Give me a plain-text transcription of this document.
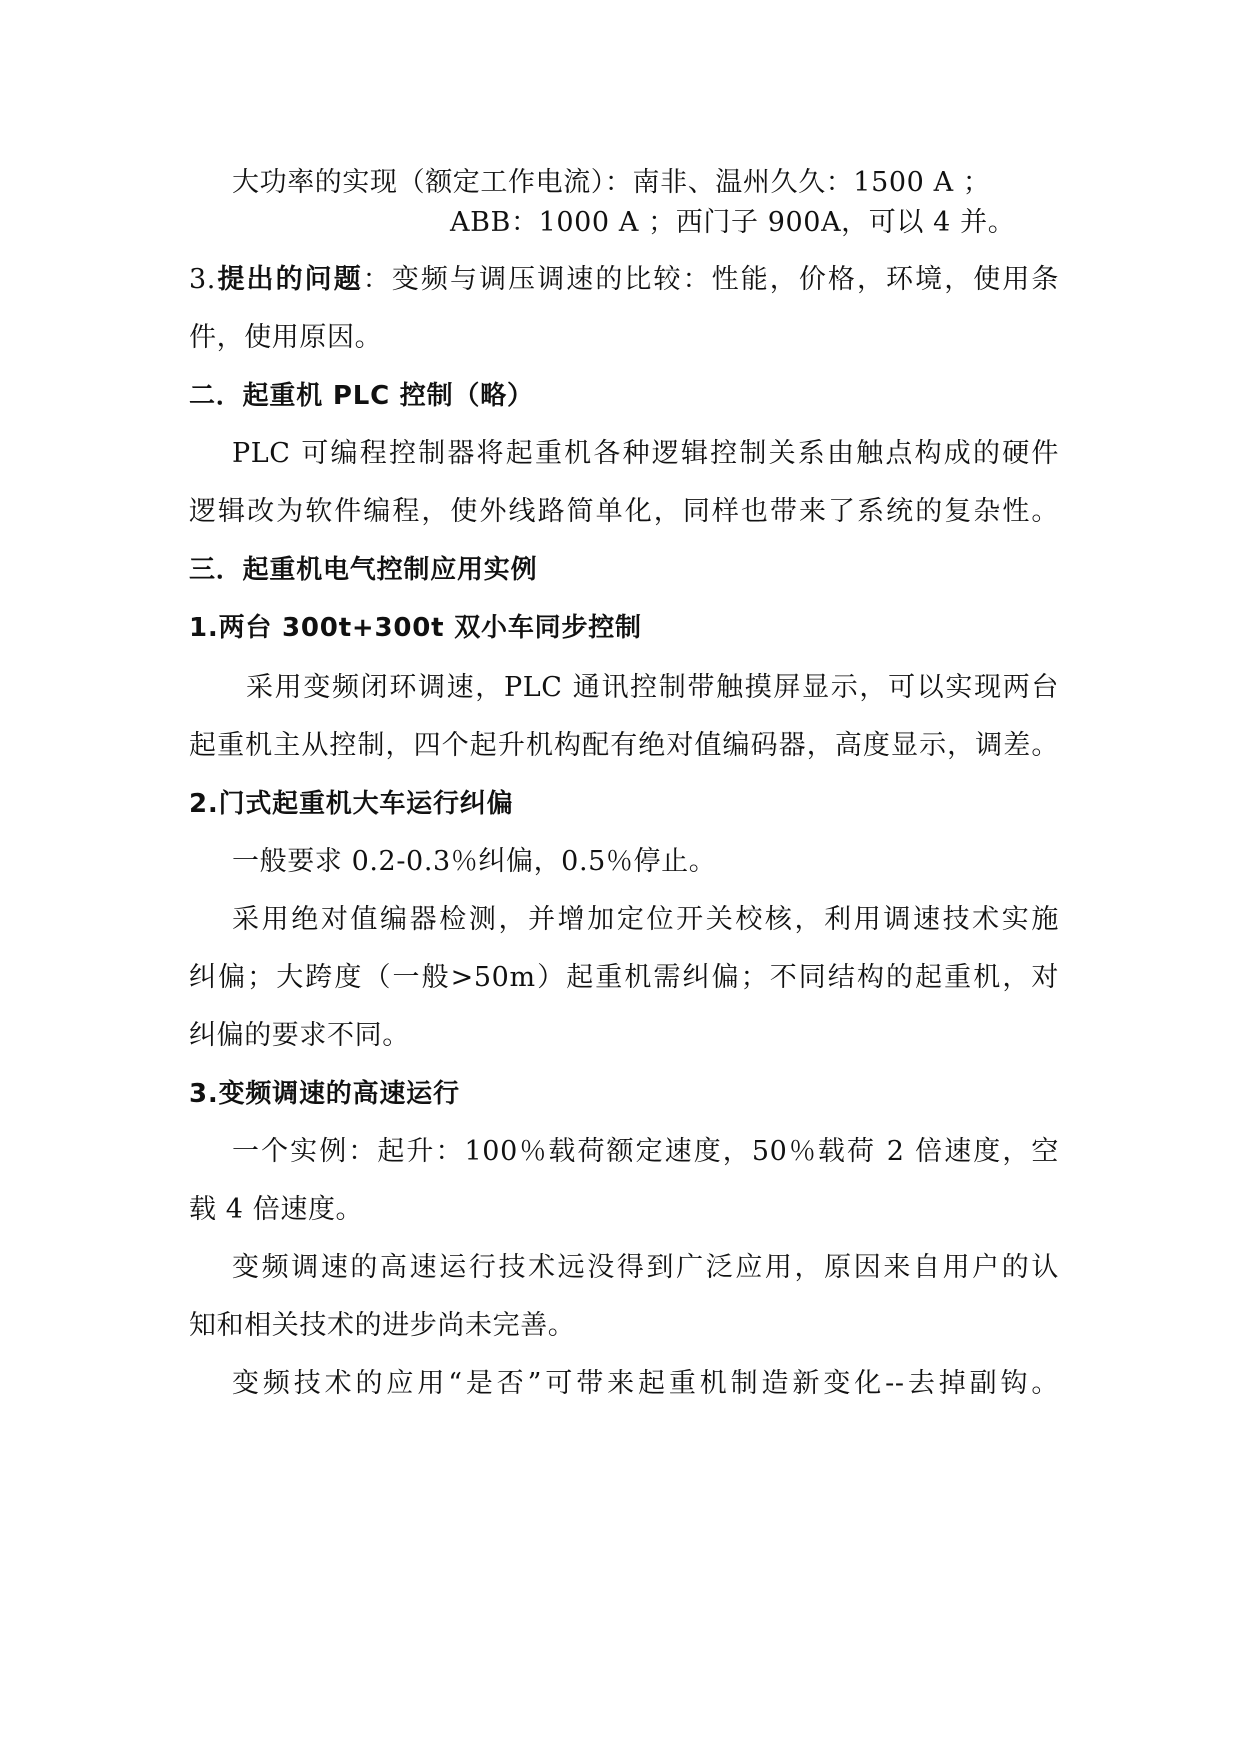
大功率的实现（额定工作电流）：南非、温州久久：1500 A ；
ABB：1000 A ；西门子 900A，可以 4 并。
3.提出的问题：变频与调压调速的比较：性能，价格，环境，使用条
件，使用原因。
二．起重机 PLC 控制（略）
PLC 可编程控制器将起重机各种逻辑控制关系由触点构成的硬件
逻辑改为软件编程，使外线路简单化，同样也带来了系统的复杂性。
三．起重机电气控制应用实例
1.两台 300t+300t 双小车同步控制
采用变频闭环调速，PLC 通讯控制带触摸屏显示，可以实现两台
起重机主从控制，四个起升机构配有绝对值编码器，高度显示，调差。
2.门式起重机大车运行纠偏
一般要求 0.2-0.3％纠偏，0.5％停止。
采用绝对值编器检测，并增加定位开关校核，利用调速技术实施
纠偏；大跨度（一般>50m）起重机需纠偏；不同结构的起重机，对
纠偏的要求不同。
3.变频调速的高速运行
一个实例：起升：100％载荷额定速度，50％载荷 2 倍速度，空
载 4 倍速度。
变频调速的高速运行技术远没得到广泛应用，原因来自用户的认
知和相关技术的进步尚未完善。
变频技术的应用“是否”可带来起重机制造新变化--去掉副钩。
